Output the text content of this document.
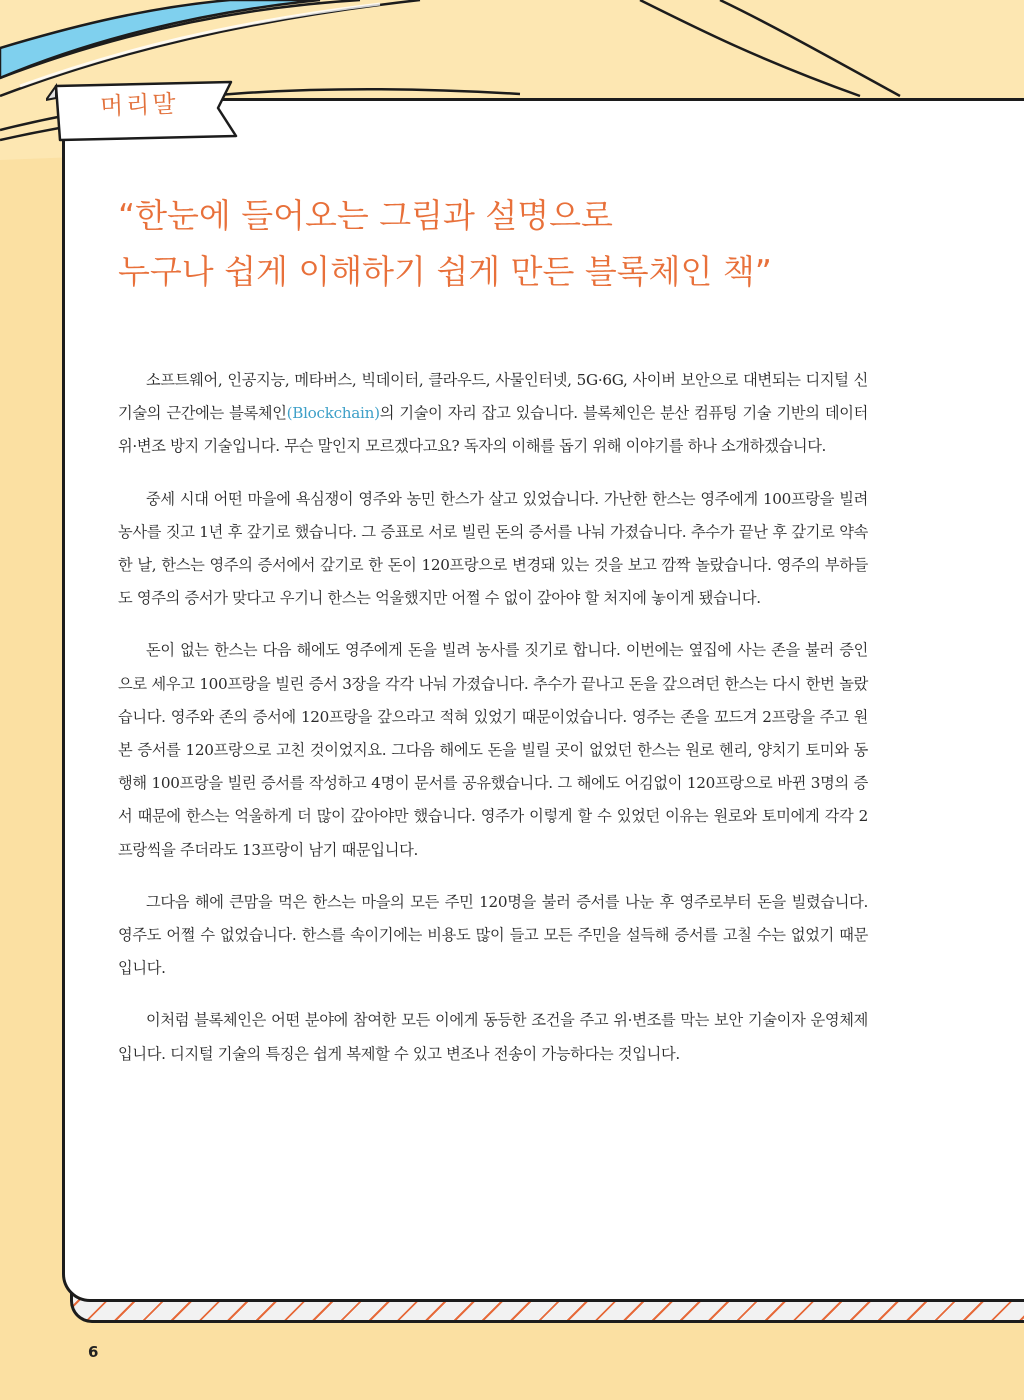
머리말
“한눈에 들어오는 그림과 설명으로
누구나 쉽게 이해하기 쉽게 만든 블록체인 책”

소프트웨어, 인공지능, 메타버스, 빅데이터, 클라우드, 사물인터넷, 5G·6G, 사이버 보안으로 대변되는 디지털 신기술의 근간에는 블록체인(Blockchain)의 기술이 자리 잡고 있습니다. 블록체인은 분산 컴퓨팅 기술 기반의 데이터 위·변조 방지 기술입니다. 무슨 말인지 모르겠다고요? 독자의 이해를 돕기 위해 이야기를 하나 소개하겠습니다.

중세 시대 어떤 마을에 욕심쟁이 영주와 농민 한스가 살고 있었습니다. 가난한 한스는 영주에게 100프랑을 빌려 농사를 짓고 1년 후 갚기로 했습니다. 그 증표로 서로 빌린 돈의 증서를 나눠 가졌습니다. 추수가 끝난 후 갚기로 약속한 날, 한스는 영주의 증서에서 갚기로 한 돈이 120프랑으로 변경돼 있는 것을 보고 깜짝 놀랐습니다. 영주의 부하들도 영주의 증서가 맞다고 우기니 한스는 억울했지만 어쩔 수 없이 갚아야 할 처지에 놓이게 됐습니다.

돈이 없는 한스는 다음 해에도 영주에게 돈을 빌려 농사를 짓기로 합니다. 이번에는 옆집에 사는 존을 불러 증인으로 세우고 100프랑을 빌린 증서 3장을 각각 나눠 가졌습니다. 추수가 끝나고 돈을 갚으려던 한스는 다시 한번 놀랐습니다. 영주와 존의 증서에 120프랑을 갚으라고 적혀 있었기 때문이었습니다. 영주는 존을 꼬드겨 2프랑을 주고 원본 증서를 120프랑으로 고친 것이었지요. 그다음 해에도 돈을 빌릴 곳이 없었던 한스는 원로 헨리, 양치기 토미와 동행해 100프랑을 빌린 증서를 작성하고 4명이 문서를 공유했습니다. 그 해에도 어김없이 120프랑으로 바뀐 3명의 증서 때문에 한스는 억울하게 더 많이 갚아야만 했습니다. 영주가 이렇게 할 수 있었던 이유는 원로와 토미에게 각각 2프랑씩을 주더라도 13프랑이 남기 때문입니다.

그다음 해에 큰맘을 먹은 한스는 마을의 모든 주민 120명을 불러 증서를 나눈 후 영주로부터 돈을 빌렸습니다. 영주도 어쩔 수 없었습니다. 한스를 속이기에는 비용도 많이 들고 모든 주민을 설득해 증서를 고칠 수는 없었기 때문입니다.

이처럼 블록체인은 어떤 분야에 참여한 모든 이에게 동등한 조건을 주고 위·변조를 막는 보안 기술이자 운영체제입니다. 디지털 기술의 특징은 쉽게 복제할 수 있고 변조나 전송이 가능하다는 것입니다.

6
